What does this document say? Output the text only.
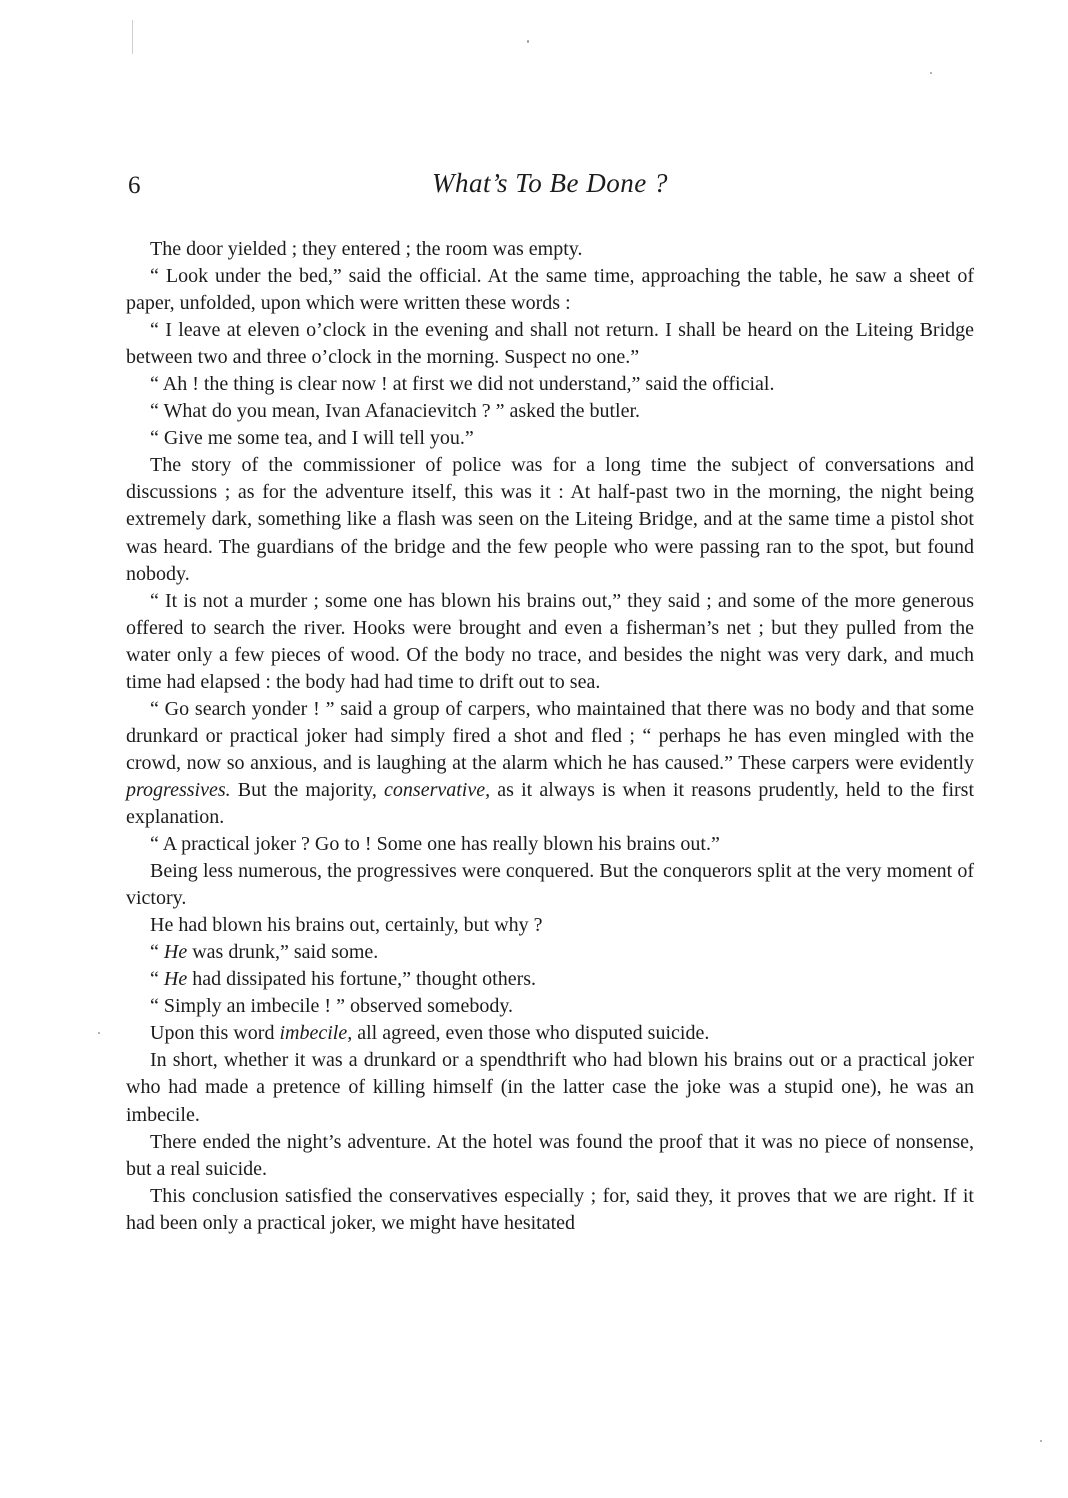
6	What’s To Be Done ?

The door yielded ; they entered ; the room was empty.

“ Look under the bed,” said the official. At the same time, approaching the table, he saw a sheet of paper, unfolded, upon which were written these words :

“ I leave at eleven o’clock in the evening and shall not return. I shall be heard on the Liteing Bridge between two and three o’clock in the morning. Suspect no one.”

“ Ah ! the thing is clear now ! at first we did not understand,” said the official.

“ What do you mean, Ivan Afanacievitch ? ” asked the butler.

“ Give me some tea, and I will tell you.”

The story of the commissioner of police was for a long time the subject of conversations and discussions ; as for the adventure itself, this was it : At half-past two in the morning, the night being extremely dark, something like a flash was seen on the Liteing Bridge, and at the same time a pistol shot was heard. The guardians of the bridge and the few people who were passing ran to the spot, but found nobody.

“ It is not a murder ; some one has blown his brains out,” they said ; and some of the more generous offered to search the river. Hooks were brought and even a fisherman’s net ; but they pulled from the water only a few pieces of wood. Of the body no trace, and besides the night was very dark, and much time had elapsed : the body had had time to drift out to sea.

“ Go search yonder ! ” said a group of carpers, who maintained that there was no body and that some drunkard or practical joker had simply fired a shot and fled ; “ perhaps he has even mingled with the crowd, now so anxious, and is laughing at the alarm which he has caused.” These carpers were evidently progressives. But the majority, conservative, as it always is when it reasons prudently, held to the first explanation.

“ A practical joker ? Go to ! Some one has really blown his brains out.”

Being less numerous, the progressives were conquered. But the conquerors split at the very moment of victory.

He had blown his brains out, certainly, but why ?

“ He was drunk,” said some.

“ He had dissipated his fortune,” thought others.

“ Simply an imbecile ! ” observed somebody.

Upon this word imbecile, all agreed, even those who disputed suicide.

In short, whether it was a drunkard or a spendthrift who had blown his brains out or a practical joker who had made a pretence of killing himself (in the latter case the joke was a stupid one), he was an imbecile.

There ended the night’s adventure. At the hotel was found the proof that it was no piece of nonsense, but a real suicide.

This conclusion satisfied the conservatives especially ; for, said they, it proves that we are right. If it had been only a practical joker, we might have hesitated
